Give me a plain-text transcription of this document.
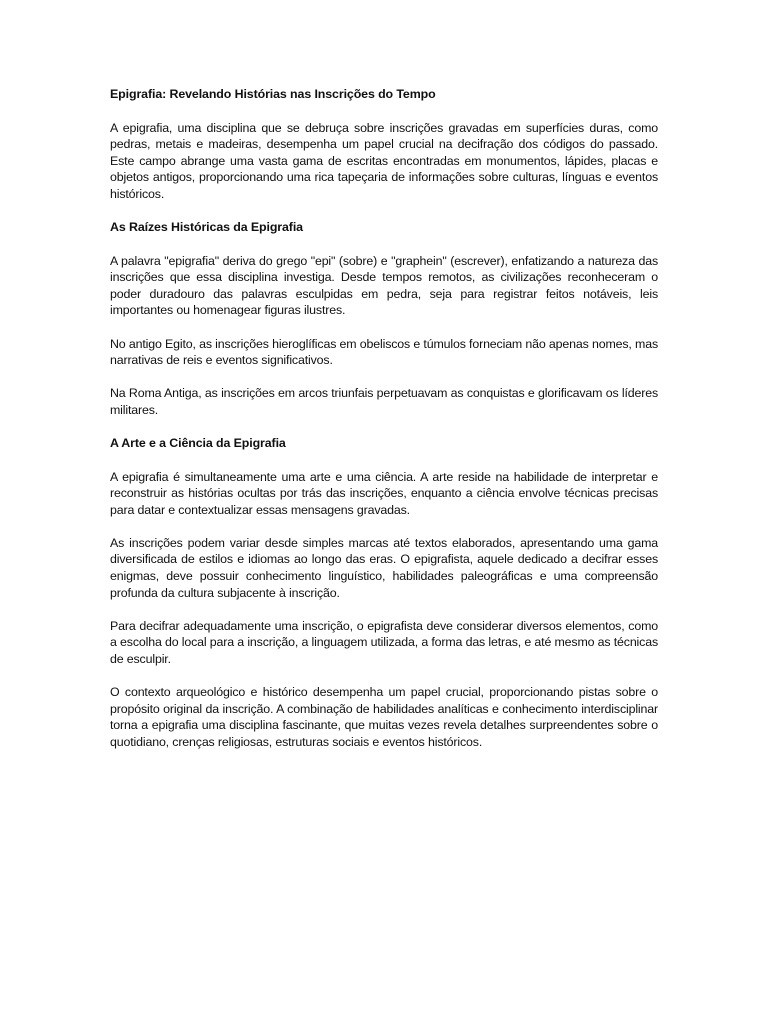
Epigrafia: Revelando Histórias nas Inscrições do Tempo
A epigrafia, uma disciplina que se debruça sobre inscrições gravadas em superfícies duras, como pedras, metais e madeiras, desempenha um papel crucial na decifração dos códigos do passado. Este campo abrange uma vasta gama de escritas encontradas em monumentos, lápides, placas e objetos antigos, proporcionando uma rica tapeçaria de informações sobre culturas, línguas e eventos históricos.
As Raízes Históricas da Epigrafia
A palavra "epigrafia" deriva do grego "epi" (sobre) e "graphein" (escrever), enfatizando a natureza das inscrições que essa disciplina investiga. Desde tempos remotos, as civilizações reconheceram o poder duradouro das palavras esculpidas em pedra, seja para registrar feitos notáveis, leis importantes ou homenagear figuras ilustres.
No antigo Egito, as inscrições hieroglíficas em obeliscos e túmulos forneciam não apenas nomes, mas narrativas de reis e eventos significativos.
Na Roma Antiga, as inscrições em arcos triunfais perpetuavam as conquistas e glorificavam os líderes militares.
A Arte e a Ciência da Epigrafia
A epigrafia é simultaneamente uma arte e uma ciência. A arte reside na habilidade de interpretar e reconstruir as histórias ocultas por trás das inscrições, enquanto a ciência envolve técnicas precisas para datar e contextualizar essas mensagens gravadas.
As inscrições podem variar desde simples marcas até textos elaborados, apresentando uma gama diversificada de estilos e idiomas ao longo das eras. O epigrafista, aquele dedicado a decifrar esses enigmas, deve possuir conhecimento linguístico, habilidades paleográficas e uma compreensão profunda da cultura subjacente à inscrição.
Para decifrar adequadamente uma inscrição, o epigrafista deve considerar diversos elementos, como a escolha do local para a inscrição, a linguagem utilizada, a forma das letras, e até mesmo as técnicas de esculpir.
O contexto arqueológico e histórico desempenha um papel crucial, proporcionando pistas sobre o propósito original da inscrição. A combinação de habilidades analíticas e conhecimento interdisciplinar torna a epigrafia uma disciplina fascinante, que muitas vezes revela detalhes surpreendentes sobre o quotidiano, crenças religiosas, estruturas sociais e eventos históricos.
